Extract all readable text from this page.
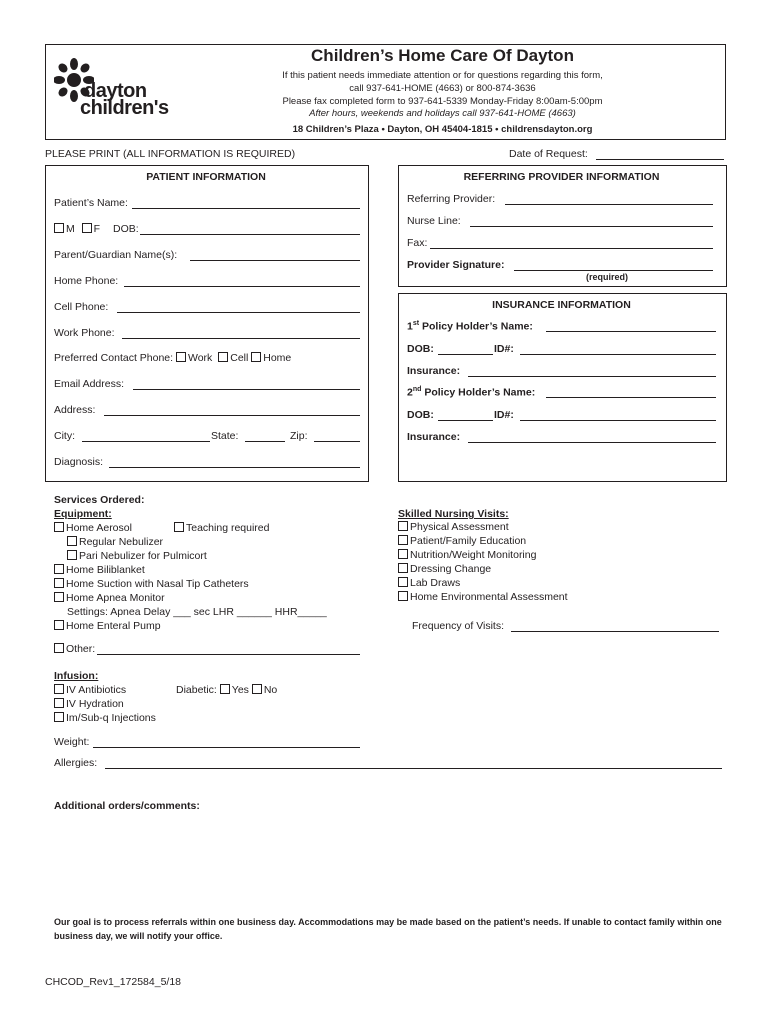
dayton
children's
Children’s Home Care Of Dayton
If this patient needs immediate attention or for questions regarding this form,
call 937-641-HOME (4663) or 800-874-3636
Please fax completed form to 937-641-5339 Monday-Friday 8:00am-5:00pm
After hours, weekends and holidays call 937-641-HOME (4663)
18 Children’s Plaza • Dayton, OH 45404-1815 • childrensdayton.org
PLEASE PRINT (ALL INFORMATION IS REQUIRED)	Date of Request:
PATIENT INFORMATION
Patient’s Name:
M F DOB:
Parent/Guardian Name(s):
Home Phone:
Cell Phone:
Work Phone:
Preferred Contact Phone: Work Cell Home
Email Address:
Address:
City:	State:	Zip:
Diagnosis:
REFERRING PROVIDER INFORMATION
Referring Provider:
Nurse Line:
Fax:
Provider Signature:
(required)
INSURANCE INFORMATION
1st Policy Holder’s Name:
DOB:	ID#:
Insurance:
2nd Policy Holder’s Name:
DOB:	ID#:
Insurance:
Services Ordered:
Equipment:
Home Aerosol	Teaching required
Regular Nebulizer
Pari Nebulizer for Pulmicort
Home Biliblanket
Home Suction with Nasal Tip Catheters
Home Apnea Monitor
Settings: Apnea Delay ___ sec LHR ______ HHR_____
Home Enteral Pump
Other:
Infusion:
IV Antibiotics	Diabetic: Yes No
IV Hydration
Im/Sub-q Injections
Weight:
Allergies:
Skilled Nursing Visits:
Physical Assessment
Patient/Family Education
Nutrition/Weight Monitoring
Dressing Change
Lab Draws
Home Environmental Assessment
Frequency of Visits:
Additional orders/comments:
Our goal is to process referrals within one business day. Accommodations may be made based on the patient’s needs. If unable to contact family within one business day, we will notify your office.
CHCOD_Rev1_172584_5/18
